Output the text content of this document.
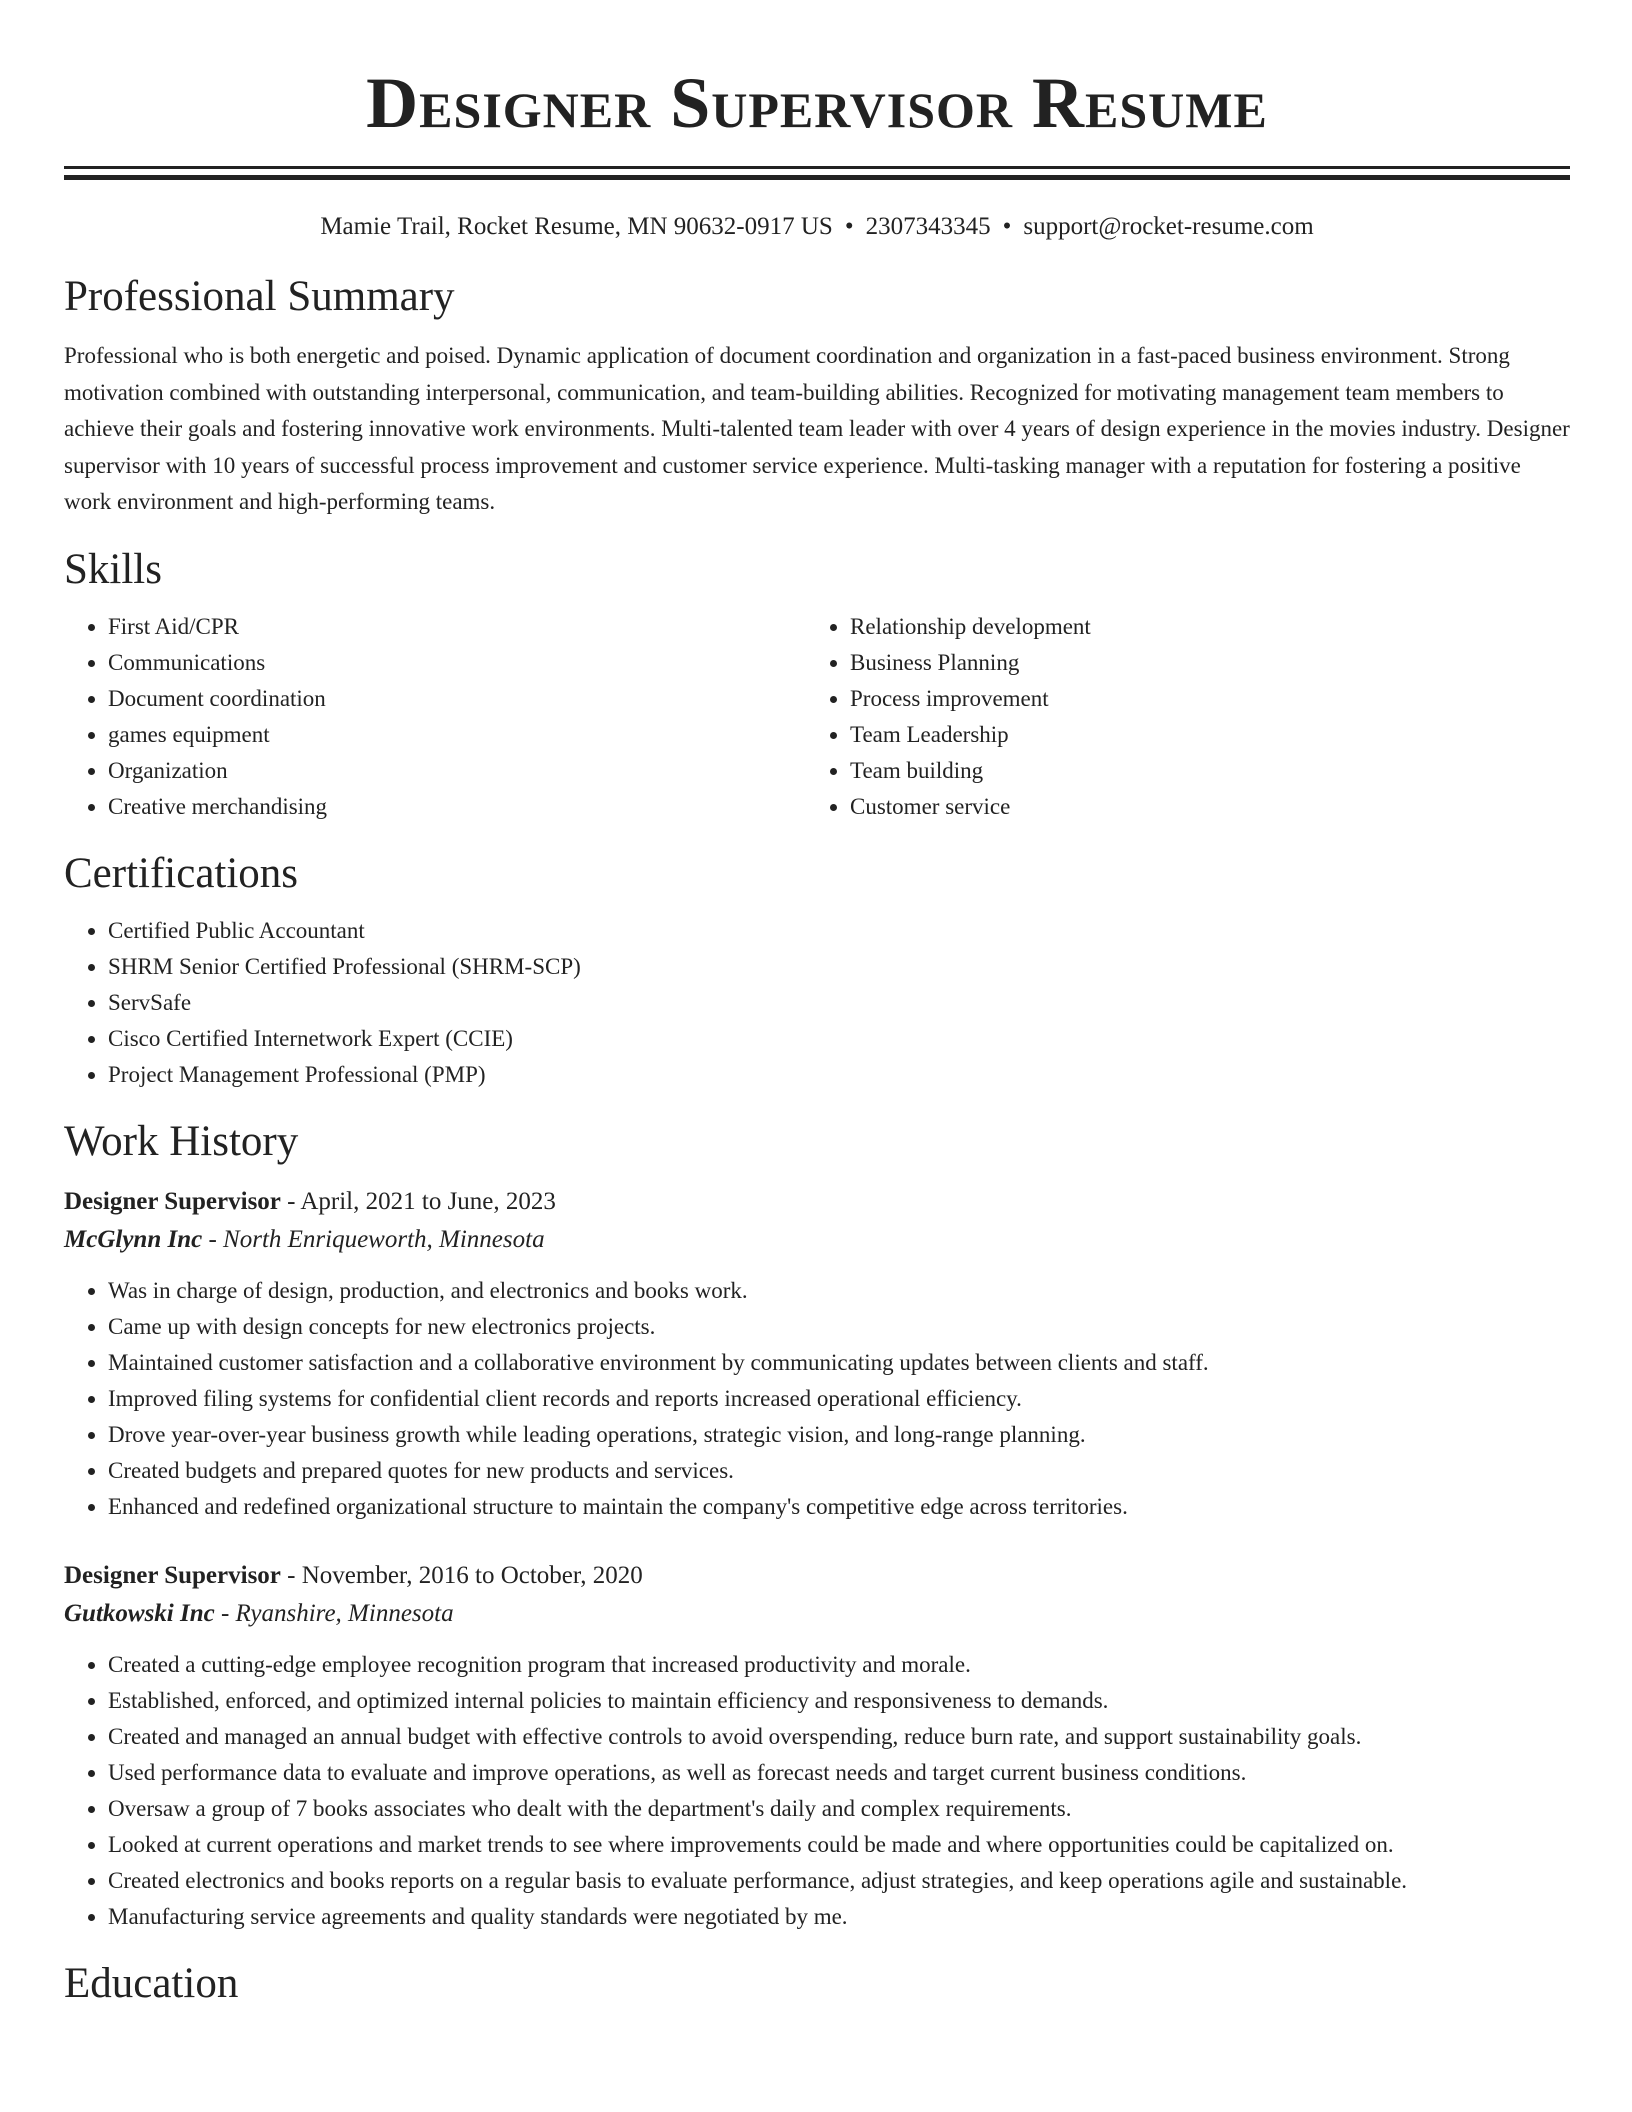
Designer Supervisor Resume
Mamie Trail, Rocket Resume, MN 90632-0917 US • 2307343345 • support@rocket-resume.com
Professional Summary

Professional who is both energetic and poised. Dynamic application of document coordination and organization in a fast-paced business environment. Strong motivation combined with outstanding interpersonal, communication, and team-building abilities. Recognized for motivating management team members to achieve their goals and fostering innovative work environments. Multi-talented team leader with over 4 years of design experience in the movies industry. Designer supervisor with 10 years of successful process improvement and customer service experience. Multi-tasking manager with a reputation for fostering a positive work environment and high-performing teams.

Skills
• First Aid/CPR
• Communications
• Document coordination
• games equipment
• Organization
• Creative merchandising
• Relationship development
• Business Planning
• Process improvement
• Team Leadership
• Team building
• Customer service
Certifications
• Certified Public Accountant
• SHRM Senior Certified Professional (SHRM-SCP)
• ServSafe
• Cisco Certified Internetwork Expert (CCIE)
• Project Management Professional (PMP)
Work History
Designer Supervisor - April, 2021 to June, 2023
McGlynn Inc - North Enriqueworth, Minnesota
• Was in charge of design, production, and electronics and books work.
• Came up with design concepts for new electronics projects.
• Maintained customer satisfaction and a collaborative environment by communicating updates between clients and staff.
• Improved filing systems for confidential client records and reports increased operational efficiency.
• Drove year-over-year business growth while leading operations, strategic vision, and long-range planning.
• Created budgets and prepared quotes for new products and services.
• Enhanced and redefined organizational structure to maintain the company's competitive edge across territories.
Designer Supervisor - November, 2016 to October, 2020
Gutkowski Inc - Ryanshire, Minnesota
• Created a cutting-edge employee recognition program that increased productivity and morale.
• Established, enforced, and optimized internal policies to maintain efficiency and responsiveness to demands.
• Created and managed an annual budget with effective controls to avoid overspending, reduce burn rate, and support sustainability goals.
• Used performance data to evaluate and improve operations, as well as forecast needs and target current business conditions.
• Oversaw a group of 7 books associates who dealt with the department's daily and complex requirements.
• Looked at current operations and market trends to see where improvements could be made and where opportunities could be capitalized on.
• Created electronics and books reports on a regular basis to evaluate performance, adjust strategies, and keep operations agile and sustainable.
• Manufacturing service agreements and quality standards were negotiated by me.
Education
